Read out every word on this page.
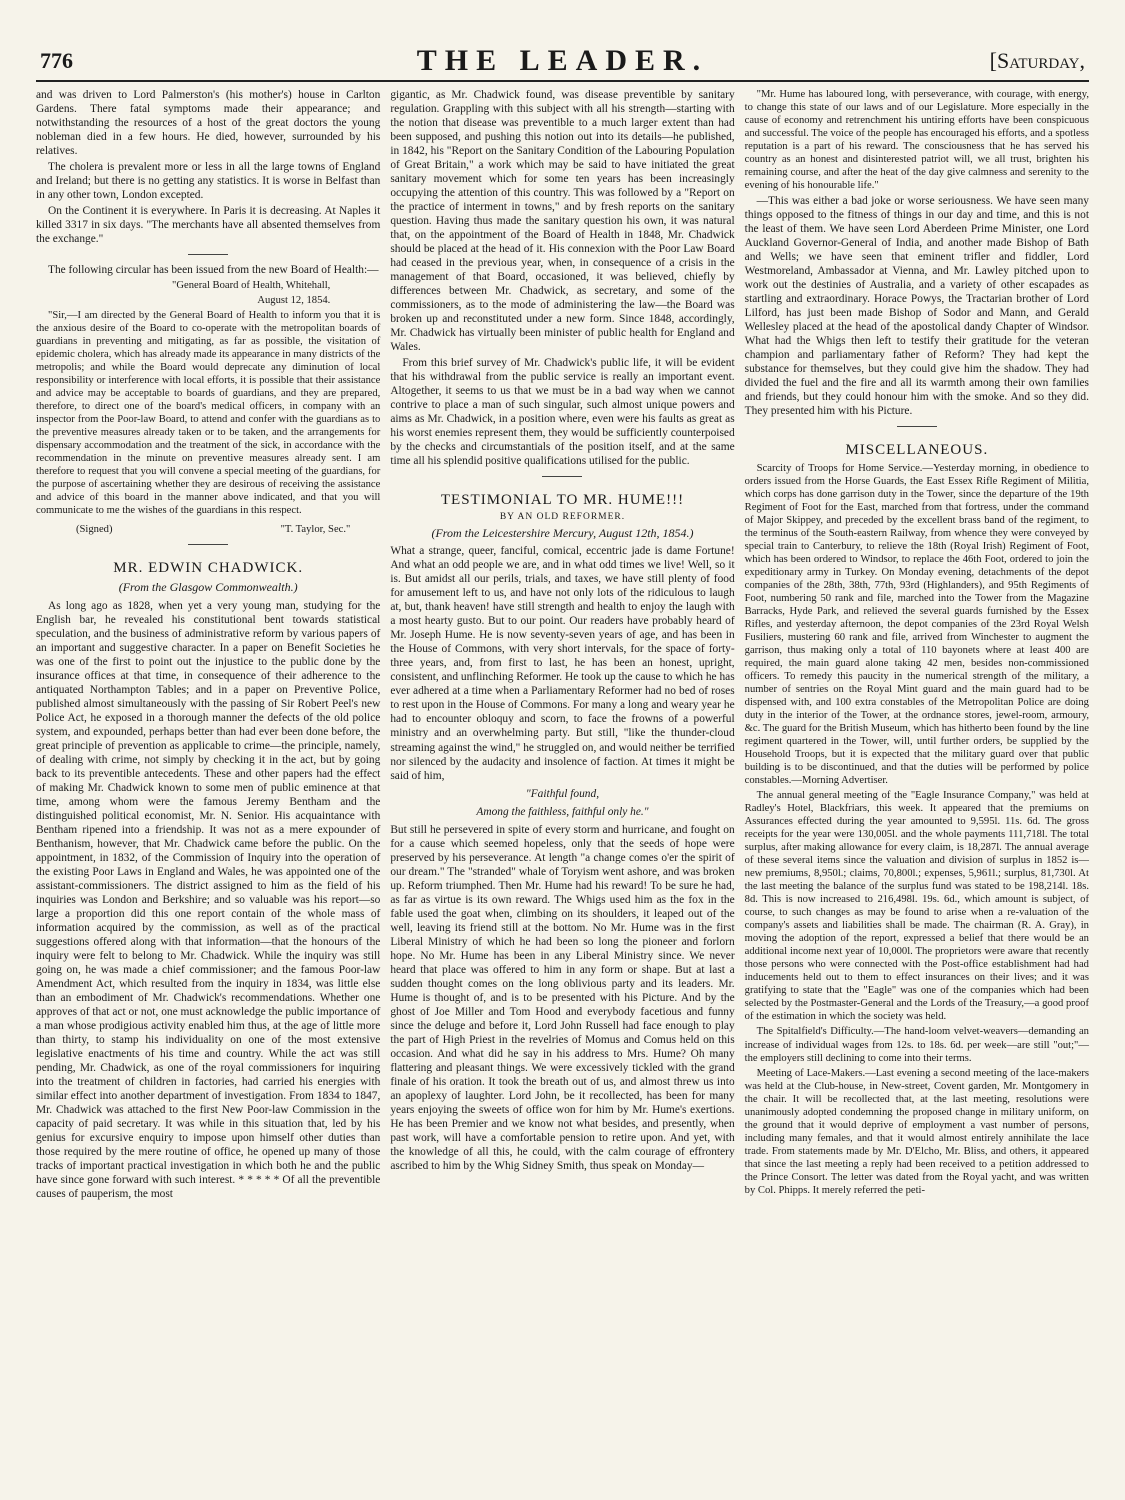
776	THE LEADER.	[Saturday,

and was driven to Lord Palmerston's (his mother's) house in Carlton Gardens. There fatal symptoms made their appearance; and notwithstanding the resources of a host of the great doctors the young nobleman died in a few hours. He died, however, surrounded by his relatives.

The cholera is prevalent more or less in all the large towns of England and Ireland; but there is no getting any statistics. It is worse in Belfast than in any other town, London excepted.

On the Continent it is everywhere. In Paris it is decreasing. At Naples it killed 3317 in six days. "The merchants have all absented themselves from the exchange."

The following circular has been issued from the new Board of Health:—

"General Board of Health, Whitehall,

August 12, 1854.

"Sir,—I am directed by the General Board of Health to inform you that it is the anxious desire of the Board to co-operate with the metropolitan boards of guardians in preventing and mitigating, as far as possible, the visitation of epidemic cholera, which has already made its appearance in many districts of the metropolis; and while the Board would deprecate any diminution of local responsibility or interference with local efforts, it is possible that their assistance and advice may be acceptable to boards of guardians, and they are prepared, therefore, to direct one of the board's medical officers, in company with an inspector from the Poor-law Board, to attend and confer with the guardians as to the preventive measures already taken or to be taken, and the arrangements for dispensary accommodation and the treatment of the sick, in accordance with the recommendation in the minute on preventive measures already sent. I am therefore to request that you will convene a special meeting of the guardians, for the purpose of ascertaining whether they are desirous of receiving the assistance and advice of this board in the manner above indicated, and that you will communicate to me the wishes of the guardians in this respect.

(Signed)	"T. Taylor, Sec."
MR. EDWIN CHADWICK.
(From the Glasgow Commonwealth.)

As long ago as 1828, when yet a very young man, studying for the English bar, he revealed his constitutional bent towards statistical speculation, and the business of administrative reform by various papers of an important and suggestive character. In a paper on Benefit Societies he was one of the first to point out the injustice to the public done by the insurance offices at that time, in consequence of their adherence to the antiquated Northampton Tables; and in a paper on Preventive Police, published almost simultaneously with the passing of Sir Robert Peel's new Police Act, he exposed in a thorough manner the defects of the old police system, and expounded, perhaps better than had ever been done before, the great principle of prevention as applicable to crime—the principle, namely, of dealing with crime, not simply by checking it in the act, but by going back to its preventible antecedents. These and other papers had the effect of making Mr. Chadwick known to some men of public eminence at that time, among whom were the famous Jeremy Bentham and the distinguished political economist, Mr. N. Senior. His acquaintance with Bentham ripened into a friendship. It was not as a mere expounder of Benthanism, however, that Mr. Chadwick came before the public. On the appointment, in 1832, of the Commission of Inquiry into the operation of the existing Poor Laws in England and Wales, he was appointed one of the assistant-commissioners. The district assigned to him as the field of his inquiries was London and Berkshire; and so valuable was his report—so large a proportion did this one report contain of the whole mass of information acquired by the commission, as well as of the practical suggestions offered along with that information—that the honours of the inquiry were felt to belong to Mr. Chadwick. While the inquiry was still going on, he was made a chief commissioner; and the famous Poor-law Amendment Act, which resulted from the inquiry in 1834, was little else than an embodiment of Mr. Chadwick's recommendations. Whether one approves of that act or not, one must acknowledge the public importance of a man whose prodigious activity enabled him thus, at the age of little more than thirty, to stamp his individuality on one of the most extensive legislative enactments of his time and country. While the act was still pending, Mr. Chadwick, as one of the royal commissioners for inquiring into the treatment of children in factories, had carried his energies with similar effect into another department of investigation. From 1834 to 1847, Mr. Chadwick was attached to the first New Poor-law Commission in the capacity of paid secretary. It was while in this situation that, led by his genius for excursive enquiry to impose upon himself other duties than those required by the mere routine of office, he opened up many of those tracks of important practical investigation in which both he and the public have since gone forward with such interest. * * * * * Of all the preventible causes of pauperism, the most

gigantic, as Mr. Chadwick found, was disease preventible by sanitary regulation. Grappling with this subject with all his strength—starting with the notion that disease was preventible to a much larger extent than had been supposed, and pushing this notion out into its details—he published, in 1842, his "Report on the Sanitary Condition of the Labouring Population of Great Britain," a work which may be said to have initiated the great sanitary movement which for some ten years has been increasingly occupying the attention of this country. This was followed by a "Report on the practice of interment in towns," and by fresh reports on the sanitary question. Having thus made the sanitary question his own, it was natural that, on the appointment of the Board of Health in 1848, Mr. Chadwick should be placed at the head of it. His connexion with the Poor Law Board had ceased in the previous year, when, in consequence of a crisis in the management of that Board, occasioned, it was believed, chiefly by differences between Mr. Chadwick, as secretary, and some of the commissioners, as to the mode of administering the law—the Board was broken up and reconstituted under a new form. Since 1848, accordingly, Mr. Chadwick has virtually been minister of public health for England and Wales.

From this brief survey of Mr. Chadwick's public life, it will be evident that his withdrawal from the public service is really an important event. Altogether, it seems to us that we must be in a bad way when we cannot contrive to place a man of such singular, such almost unique powers and aims as Mr. Chadwick, in a position where, even were his faults as great as his worst enemies represent them, they would be sufficiently counterpoised by the checks and circumstantials of the position itself, and at the same time all his splendid positive qualifications utilised for the public.

TESTIMONIAL TO MR. HUME!!!
BY AN OLD REFORMER.
(From the Leicestershire Mercury, August 12th, 1854.)

What a strange, queer, fanciful, comical, eccentric jade is dame Fortune! And what an odd people we are, and in what odd times we live! Well, so it is. But amidst all our perils, trials, and taxes, we have still plenty of food for amusement left to us, and have not only lots of the ridiculous to laugh at, but, thank heaven! have still strength and health to enjoy the laugh with a most hearty gusto. But to our point. Our readers have probably heard of Mr. Joseph Hume. He is now seventy-seven years of age, and has been in the House of Commons, with very short intervals, for the space of forty-three years, and, from first to last, he has been an honest, upright, consistent, and unflinching Reformer. He took up the cause to which he has ever adhered at a time when a Parliamentary Reformer had no bed of roses to rest upon in the House of Commons. For many a long and weary year he had to encounter obloquy and scorn, to face the frowns of a powerful ministry and an overwhelming party. But still, "like the thunder-cloud streaming against the wind," he struggled on, and would neither be terrified nor silenced by the audacity and insolence of faction. At times it might be said of him,

"Faithful found,
Among the faithless, faithful only he."

But still he persevered in spite of every storm and hurricane, and fought on for a cause which seemed hopeless, only that the seeds of hope were preserved by his perseverance. At length "a change comes o'er the spirit of our dream." The "stranded" whale of Toryism went ashore, and was broken up. Reform triumphed. Then Mr. Hume had his reward! To be sure he had, as far as virtue is its own reward. The Whigs used him as the fox in the fable used the goat when, climbing on its shoulders, it leaped out of the well, leaving its friend still at the bottom. No Mr. Hume was in the first Liberal Ministry of which he had been so long the pioneer and forlorn hope. No Mr. Hume has been in any Liberal Ministry since. We never heard that place was offered to him in any form or shape. But at last a sudden thought comes on the long oblivious party and its leaders. Mr. Hume is thought of, and is to be presented with his Picture. And by the ghost of Joe Miller and Tom Hood and everybody facetious and funny since the deluge and before it, Lord John Russell had face enough to play the part of High Priest in the revelries of Momus and Comus held on this occasion. And what did he say in his address to Mrs. Hume? Oh many flattering and pleasant things. We were excessively tickled with the grand finale of his oration. It took the breath out of us, and almost threw us into an apoplexy of laughter. Lord John, be it recollected, has been for many years enjoying the sweets of office won for him by Mr. Hume's exertions. He has been Premier and we know not what besides, and presently, when past work, will have a comfortable pension to retire upon. And yet, with the knowledge of all this, he could, with the calm courage of effrontery ascribed to him by the Whig Sidney Smith, thus speak on Monday—

"Mr. Hume has laboured long, with perseverance, with courage, with energy, to change this state of our laws and of our Legislature. More especially in the cause of economy and retrenchment his untiring efforts have been conspicuous and successful. The voice of the people has encouraged his efforts, and a spotless reputation is a part of his reward. The consciousness that he has served his country as an honest and disinterested patriot will, we all trust, brighten his remaining course, and after the heat of the day give calmness and serenity to the evening of his honourable life."

—This was either a bad joke or worse seriousness. We have seen many things opposed to the fitness of things in our day and time, and this is not the least of them. We have seen Lord Aberdeen Prime Minister, one Lord Auckland Governor-General of India, and another made Bishop of Bath and Wells; we have seen that eminent trifler and fiddler, Lord Westmoreland, Ambassador at Vienna, and Mr. Lawley pitched upon to work out the destinies of Australia, and a variety of other escapades as startling and extraordinary. Horace Powys, the Tractarian brother of Lord Lilford, has just been made Bishop of Sodor and Mann, and Gerald Wellesley placed at the head of the apostolical dandy Chapter of Windsor. What had the Whigs then left to testify their gratitude for the veteran champion and parliamentary father of Reform? They had kept the substance for themselves, but they could give him the shadow. They had divided the fuel and the fire and all its warmth among their own families and friends, but they could honour him with the smoke. And so they did. They presented him with his Picture.

MISCELLANEOUS.

Scarcity of Troops for Home Service.—Yesterday morning, in obedience to orders issued from the Horse Guards, the East Essex Rifle Regiment of Militia, which corps has done garrison duty in the Tower, since the departure of the 19th Regiment of Foot for the East, marched from that fortress, under the command of Major Skippey, and preceded by the excellent brass band of the regiment, to the terminus of the South-eastern Railway, from whence they were conveyed by special train to Canterbury, to relieve the 18th (Royal Irish) Regiment of Foot, which has been ordered to Windsor, to replace the 46th Foot, ordered to join the expeditionary army in Turkey. On Monday evening, detachments of the depot companies of the 28th, 38th, 77th, 93rd (Highlanders), and 95th Regiments of Foot, numbering 50 rank and file, marched into the Tower from the Magazine Barracks, Hyde Park, and relieved the several guards furnished by the Essex Rifles, and yesterday afternoon, the depot companies of the 23rd Royal Welsh Fusiliers, mustering 60 rank and file, arrived from Winchester to augment the garrison, thus making only a total of 110 bayonets where at least 400 are required, the main guard alone taking 42 men, besides non-commissioned officers. To remedy this paucity in the numerical strength of the military, a number of sentries on the Royal Mint guard and the main guard had to be dispensed with, and 100 extra constables of the Metropolitan Police are doing duty in the interior of the Tower, at the ordnance stores, jewel-room, armoury, &c. The guard for the British Museum, which has hitherto been found by the line regiment quartered in the Tower, will, until further orders, be supplied by the Household Troops, but it is expected that the military guard over that public building is to be discontinued, and that the duties will be performed by police constables.—Morning Advertiser.

The annual general meeting of the "Eagle Insurance Company," was held at Radley's Hotel, Blackfriars, this week. It appeared that the premiums on Assurances effected during the year amounted to 9,595l. 11s. 6d. The gross receipts for the year were 130,005l. and the whole payments 111,718l. The total surplus, after making allowance for every claim, is 18,287l. The annual average of these several items since the valuation and division of surplus in 1852 is—new premiums, 8,950l.; claims, 70,800l.; expenses, 5,961l.; surplus, 81,730l. At the last meeting the balance of the surplus fund was stated to be 198,214l. 18s. 8d. This is now increased to 216,498l. 19s. 6d., which amount is subject, of course, to such changes as may be found to arise when a re-valuation of the company's assets and liabilities shall be made. The chairman (R. A. Gray), in moving the adoption of the report, expressed a belief that there would be an additional income next year of 10,000l. The proprietors were aware that recently those persons who were connected with the Post-office establishment had had inducements held out to them to effect insurances on their lives; and it was gratifying to state that the "Eagle" was one of the companies which had been selected by the Postmaster-General and the Lords of the Treasury,—a good proof of the estimation in which the society was held.

The Spitalfield's Difficulty.—The hand-loom velvet-weavers—demanding an increase of individual wages from 12s. to 18s. 6d. per week—are still "out;"—the employers still declining to come into their terms.

Meeting of Lace-Makers.—Last evening a second meeting of the lace-makers was held at the Club-house, in New-street, Covent garden, Mr. Montgomery in the chair. It will be recollected that, at the last meeting, resolutions were unanimously adopted condemning the proposed change in military uniform, on the ground that it would deprive of employment a vast number of persons, including many females, and that it would almost entirely annihilate the lace trade. From statements made by Mr. D'Elcho, Mr. Bliss, and others, it appeared that since the last meeting a reply had been received to a petition addressed to the Prince Consort. The letter was dated from the Royal yacht, and was written by Col. Phipps. It merely referred the peti-
